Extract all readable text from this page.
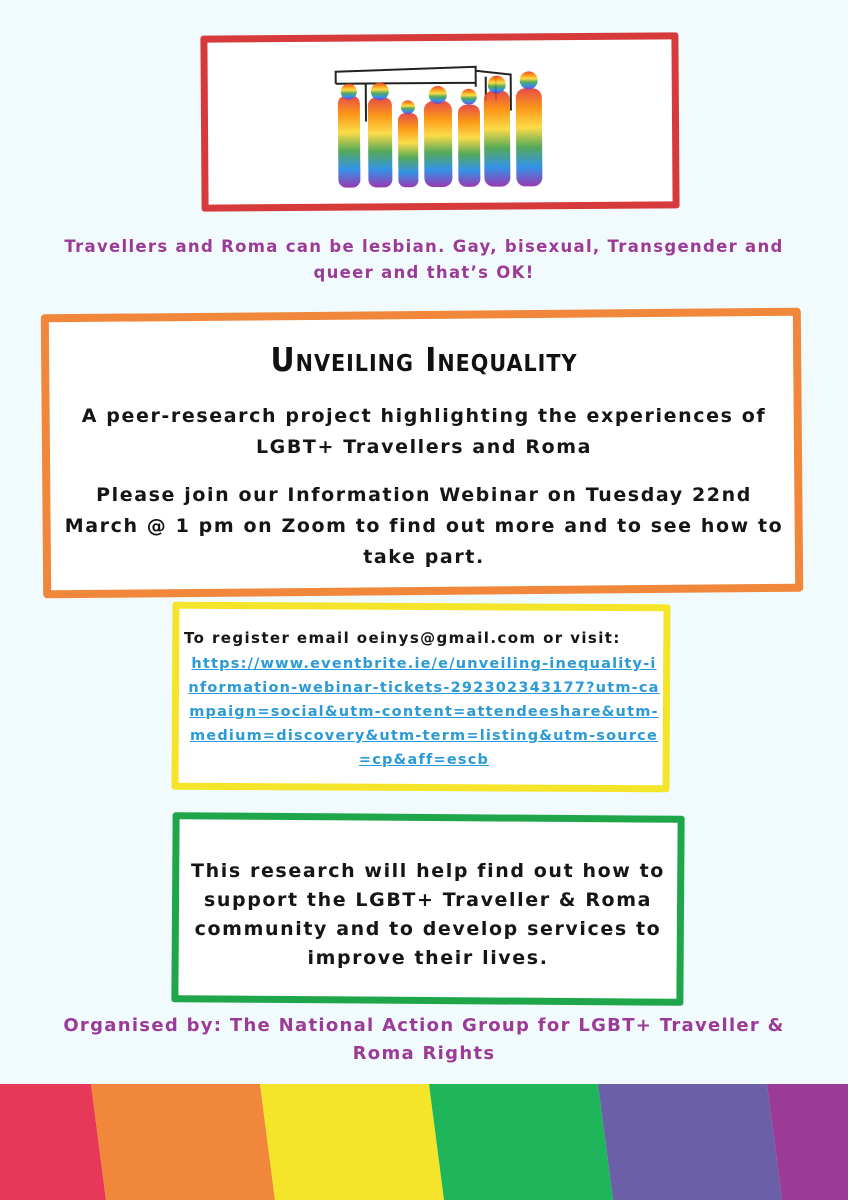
Travellers and Roma can be lesbian. Gay, bisexual, Transgender and queer and that’s OK!
Unveiling Inequality
A peer-research project highlighting the experiences of LGBT+ Travellers and Roma
Please join our Information Webinar on Tuesday 22nd March @ 1 pm on Zoom to find out more and to see how to take part.
To register email oeinys@gmail.com or visit:
https://www.eventbrite.ie/e/unveiling-inequality-information-webinar-tickets-292302343177?utm-campaign=social&utm-content=attendeeshare&utm-medium=discovery&utm-term=listing&utm-source=cp&aff=escb
This research will help find out how to support the LGBT+ Traveller & Roma community and to develop services to improve their lives.
Organised by: The National Action Group for LGBT+ Traveller & Roma Rights
